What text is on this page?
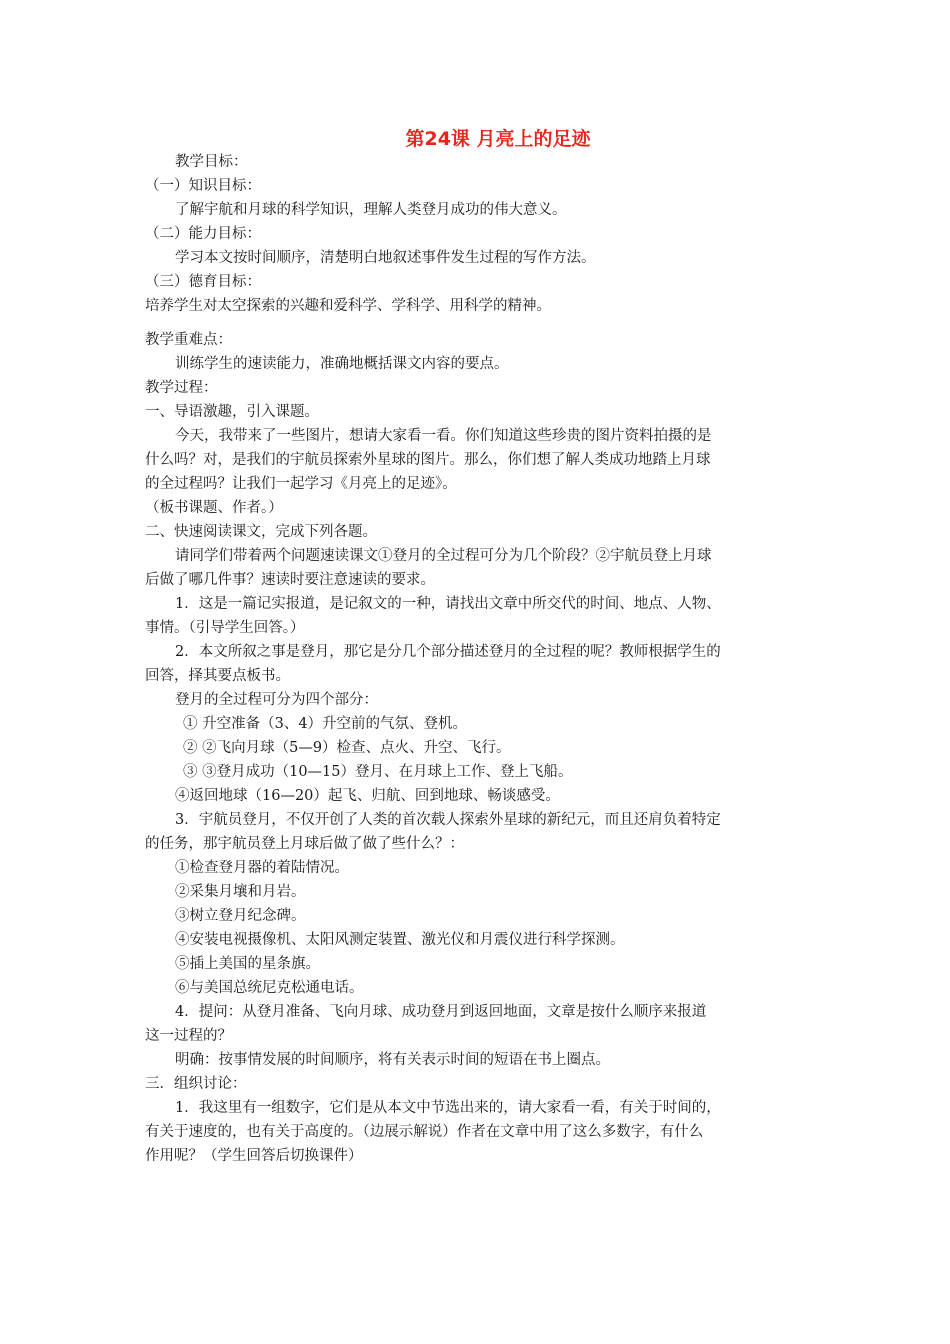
第24课 月亮上的足迹
教学目标：
（一）知识目标：
了解宇航和月球的科学知识，理解人类登月成功的伟大意义。
（二）能力目标：
学习本文按时间顺序，清楚明白地叙述事件发生过程的写作方法。
（三）德育目标：
培养学生对太空探索的兴趣和爱科学、学科学、用科学的精神。
教学重难点：
训练学生的速读能力，准确地概括课文内容的要点。
教学过程：
一、导语激趣，引入课题。
今天，我带来了一些图片，想请大家看一看。你们知道这些珍贵的图片资料拍摄的是
什么吗？对，是我们的宇航员探索外星球的图片。那么，你们想了解人类成功地踏上月球
的全过程吗？让我们一起学习《月亮上的足迹》。
（板书课题、作者。）
二、快速阅读课文，完成下列各题。
请同学们带着两个问题速读课文①登月的全过程可分为几个阶段？②宇航员登上月球
后做了哪几件事？速读时要注意速读的要求。
1．这是一篇记实报道，是记叙文的一种，请找出文章中所交代的时间、地点、人物、
事情。（引导学生回答。）
2．本文所叙之事是登月，那它是分几个部分描述登月的全过程的呢？教师根据学生的
回答，择其要点板书。
登月的全过程可分为四个部分：
① 升空准备（3、4）升空前的气氛、登机。
② ②飞向月球（5—9）检查、点火、升空、飞行。
③ ③登月成功（10—15）登月、在月球上工作、登上飞船。
④返回地球（16—20）起飞、归航、回到地球、畅谈感受。
3．宇航员登月，不仅开创了人类的首次载人探索外星球的新纪元，而且还肩负着特定
的任务，那宇航员登上月球后做了做了些什么？：
①检查登月器的着陆情况。
②采集月壤和月岩。
③树立登月纪念碑。
④安装电视摄像机、太阳风测定装置、激光仪和月震仪进行科学探测。
⑤插上美国的星条旗。
⑥与美国总统尼克松通电话。
4．提问：从登月准备、飞向月球、成功登月到返回地面，文章是按什么顺序来报道
这一过程的？
明确：按事情发展的时间顺序，将有关表示时间的短语在书上圈点。
三．组织讨论：
1．我这里有一组数字，它们是从本文中节选出来的，请大家看一看，有关于时间的，
有关于速度的，也有关于高度的。（边展示解说）作者在文章中用了这么多数字，有什么
作用呢？（学生回答后切换课件）
